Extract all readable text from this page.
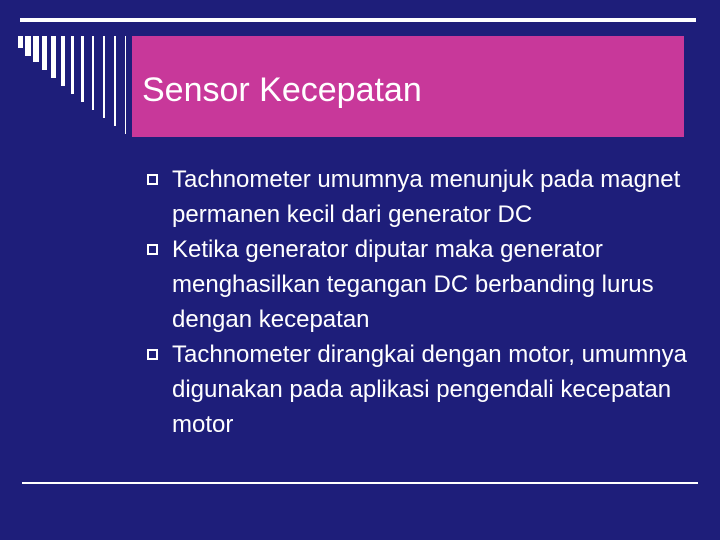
Sensor Kecepatan
Tachnometer umumnya menunjuk pada magnet permanen kecil dari generator DC
Ketika generator diputar maka generator menghasilkan tegangan DC berbanding lurus dengan kecepatan
Tachnometer dirangkai dengan motor, umumnya digunakan pada aplikasi pengendali kecepatan motor
